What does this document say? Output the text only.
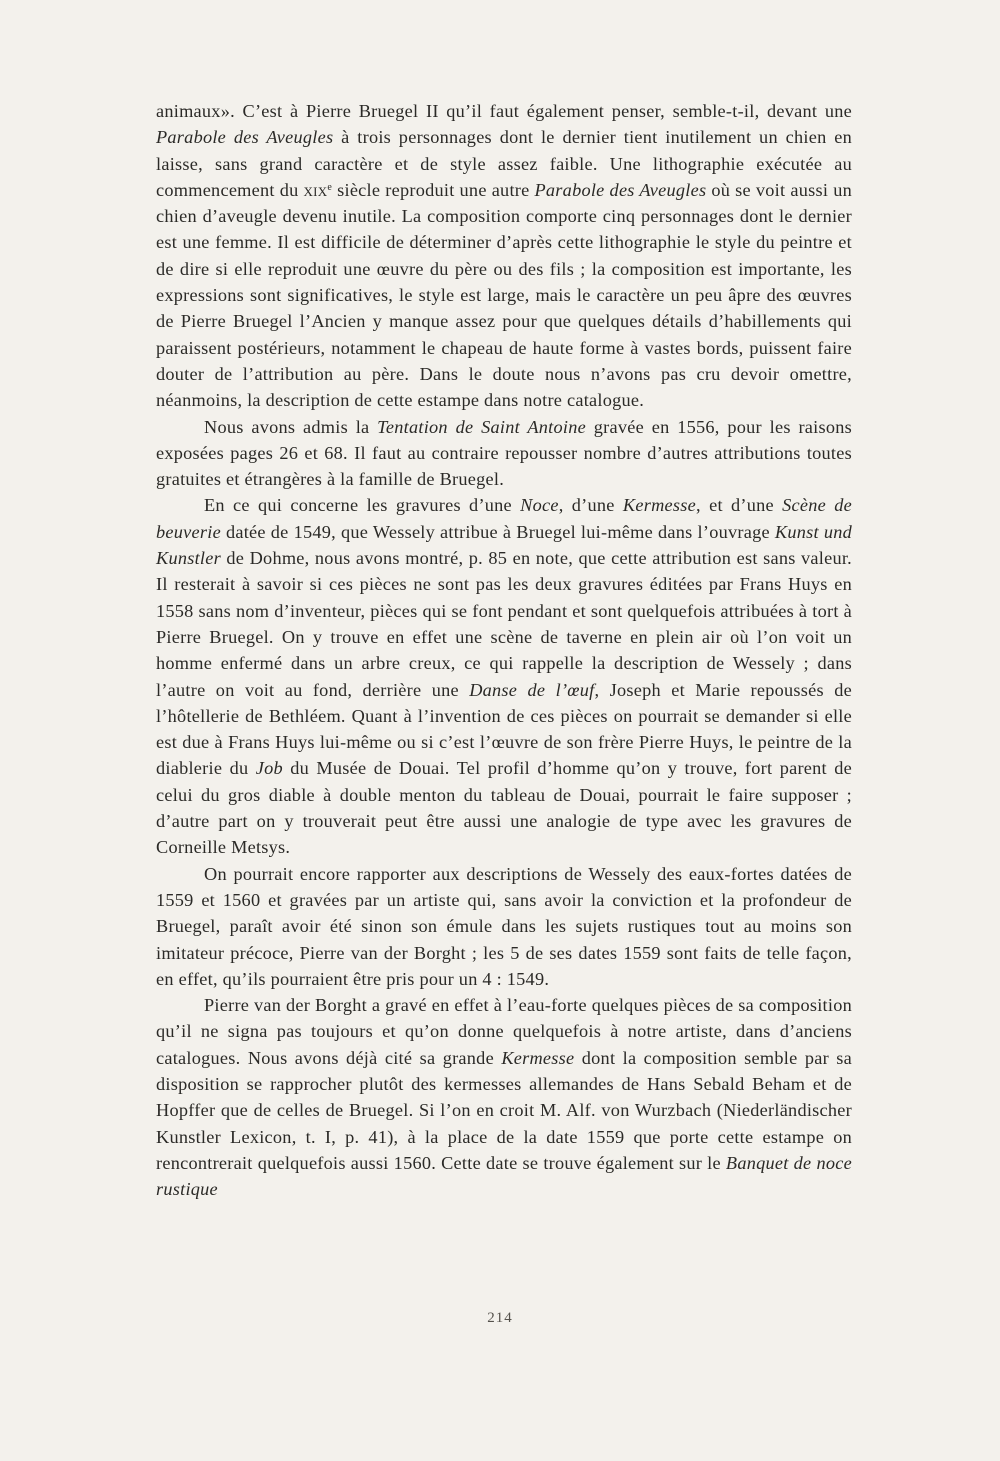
animaux». C’est à Pierre Bruegel II qu’il faut également penser, semble-t-il, devant une Parabole des Aveugles à trois personnages dont le dernier tient inutilement un chien en laisse, sans grand caractère et de style assez faible. Une lithographie exécutée au commencement du xix$^e$ siècle reproduit une autre Parabole des Aveugles où se voit aussi un chien d’aveugle devenu inutile. La composition comporte cinq personnages dont le dernier est une femme. Il est difficile de déterminer d’après cette lithographie le style du peintre et de dire si elle reproduit une œuvre du père ou des fils ; la composition est importante, les expressions sont significatives, le style est large, mais le caractère un peu âpre des œuvres de Pierre Bruegel l’Ancien y manque assez pour que quelques détails d’habillements qui paraissent postérieurs, notamment le chapeau de haute forme à vastes bords, puissent faire douter de l’attribution au père. Dans le doute nous n’avons pas cru devoir omettre, néanmoins, la description de cette estampe dans notre catalogue.

Nous avons admis la Tentation de Saint Antoine gravée en 1556, pour les raisons exposées pages 26 et 68. Il faut au contraire repousser nombre d’autres attributions toutes gratuites et étrangères à la famille de Bruegel.

En ce qui concerne les gravures d’une Noce, d’une Kermesse, et d’une Scène de beuverie datée de 1549, que Wessely attribue à Bruegel lui-même dans l’ouvrage Kunst und Kunstler de Dohme, nous avons montré, p. 85 en note, que cette attribution est sans valeur. Il resterait à savoir si ces pièces ne sont pas les deux gravures éditées par Frans Huys en 1558 sans nom d’inventeur, pièces qui se font pendant et sont quelquefois attribuées à tort à Pierre Bruegel. On y trouve en effet une scène de taverne en plein air où l’on voit un homme enfermé dans un arbre creux, ce qui rappelle la description de Wessely ; dans l’autre on voit au fond, derrière une Danse de l’œuf, Joseph et Marie repoussés de l’hôtellerie de Bethléem. Quant à l’invention de ces pièces on pourrait se demander si elle est due à Frans Huys lui-même ou si c’est l’œuvre de son frère Pierre Huys, le peintre de la diablerie du Job du Musée de Douai. Tel profil d’homme qu’on y trouve, fort parent de celui du gros diable à double menton du tableau de Douai, pourrait le faire supposer ; d’autre part on y trouverait peut être aussi une analogie de type avec les gravures de Corneille Metsys.

On pourrait encore rapporter aux descriptions de Wessely des eaux-fortes datées de 1559 et 1560 et gravées par un artiste qui, sans avoir la conviction et la profondeur de Bruegel, paraît avoir été sinon son émule dans les sujets rustiques tout au moins son imitateur précoce, Pierre van der Borght ; les 5 de ses dates 1559 sont faits de telle façon, en effet, qu’ils pourraient être pris pour un 4 : 1549.

Pierre van der Borght a gravé en effet à l’eau-forte quelques pièces de sa composition qu’il ne signa pas toujours et qu’on donne quelquefois à notre artiste, dans d’anciens catalogues. Nous avons déjà cité sa grande Kermesse dont la composition semble par sa disposition se rapprocher plutôt des kermesses allemandes de Hans Sebald Beham et de Hopffer que de celles de Bruegel. Si l’on en croit M. Alf. von Wurzbach (Niederländischer Kunstler Lexicon, t. I, p. 41), à la place de la date 1559 que porte cette estampe on rencontrerait quelquefois aussi 1560. Cette date se trouve également sur le Banquet de noce rustique

214
